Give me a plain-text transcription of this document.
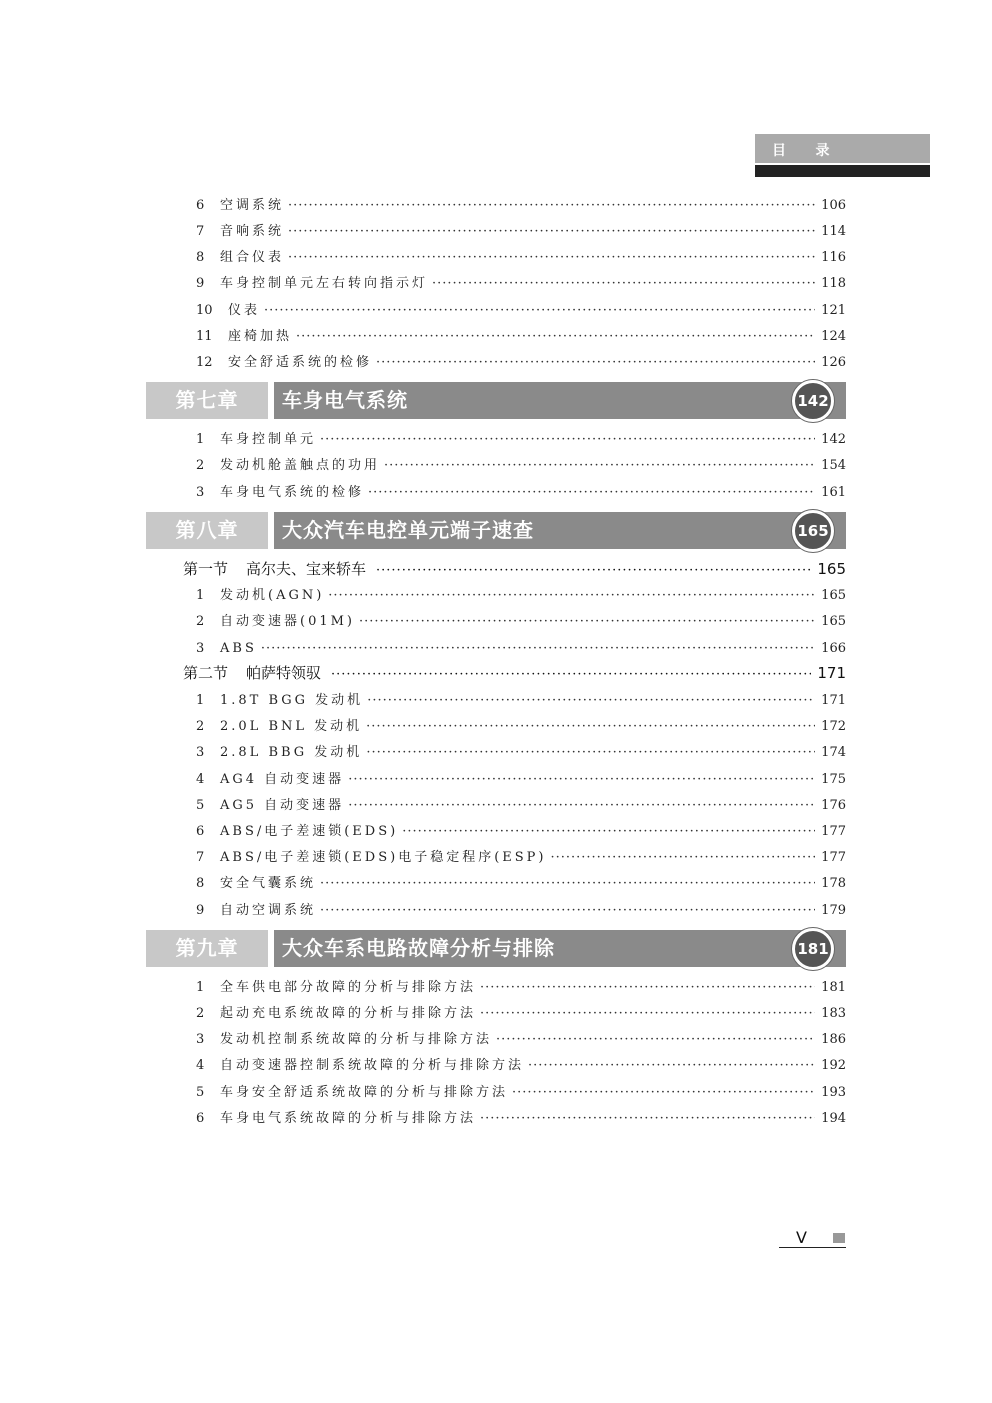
目    录
6	空调系统 ·····	106
7	音响系统 ·····	114
8	组合仪表 ·····	116
9	车身控制单元左右转向指示灯 ·····	118
10	仪表 ·····	121
11	座椅加热 ·····	124
12	安全舒适系统的检修 ·····	126
第七章	车身电气系统	142
1	车身控制单元 ·····	142
2	发动机舱盖触点的功用 ·····	154
3	车身电气系统的检修 ·····	161
第八章	大众汽车电控单元端子速查	165
第一节 高尔夫、宝来轿车 ·····	165
1	发动机(AGN) ·····	165
2	自动变速器(01M) ·····	165
3	ABS ·····	166
第二节 帕萨特领驭 ·····	171
1	1.8T BGG 发动机 ·····	171
2	2.0L BNL 发动机 ·····	172
3	2.8L BBG 发动机 ·····	174
4	AG4 自动变速器 ·····	175
5	AG5 自动变速器 ·····	176
6	ABS/电子差速锁(EDS) ·····	177
7	ABS/电子差速锁(EDS)电子稳定程序(ESP) ·····	177
8	安全气囊系统 ·····	178
9	自动空调系统 ·····	179
第九章	大众车系电路故障分析与排除	181
1	全车供电部分故障的分析与排除方法 ·····	181
2	起动充电系统故障的分析与排除方法 ·····	183
3	发动机控制系统故障的分析与排除方法 ·····	186
4	自动变速器控制系统故障的分析与排除方法 ·····	192
5	车身安全舒适系统故障的分析与排除方法 ·····	193
6	车身电气系统故障的分析与排除方法 ·····	194
V
